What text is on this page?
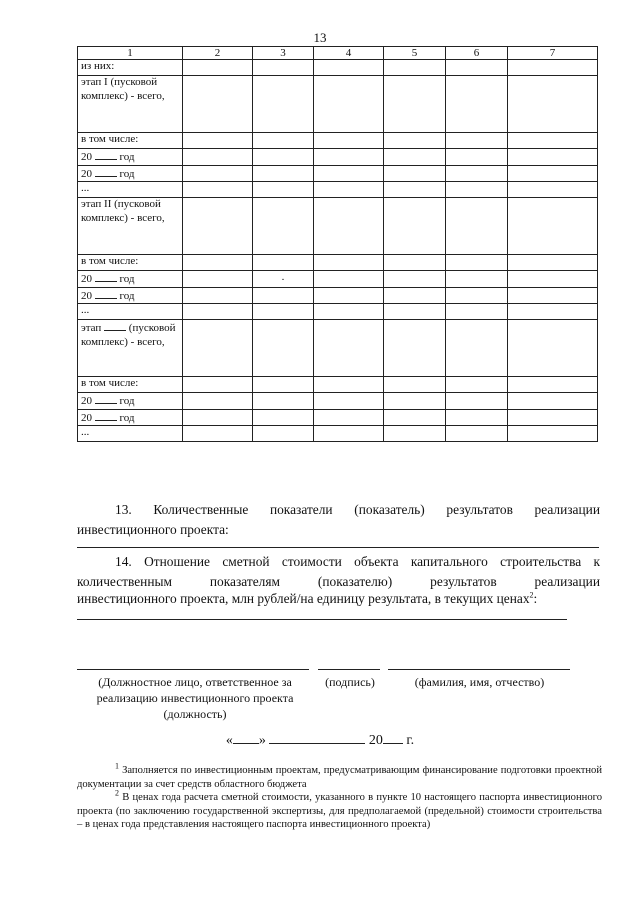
13
1	2	3	4	5	6	7
из них:						
этап I (пусковой комплекс) - всего,						
в том числе:						
20  год						
20  год						
...						
этап II (пусковой комплекс) - всего,						
в том числе:						
20  год		.				
20  год						
...						
этап  (пусковой комплекс) - всего,						
в том числе:						
20  год						
20  год						
...						
13. Количественные показатели (показатель) результатов реализации
инвестиционного проекта:
14. Отношение сметной стоимости объекта капитального строительства к
количественным показателям (показателю) результатов реализации
инвестиционного проекта, млн рублей/на единицу результата, в текущих ценах$^2$:
(Должностное лицо, ответственное за реализацию инвестиционного проекта (должность)
(подпись)	(фамилия, имя, отчество)
« »	20 г.
$^1$ Заполняется по инвестиционным проектам, предусматривающим финансирование подготовки проектной документации за счет средств областного бюджета
$^2$ В ценах года расчета сметной стоимости, указанного в пункте 10 настоящего паспорта инвестиционного проекта (по заключению государственной экспертизы, для предполагаемой (предельной) стоимости строительства – в ценах года представления настоящего паспорта инвестиционного проекта)
